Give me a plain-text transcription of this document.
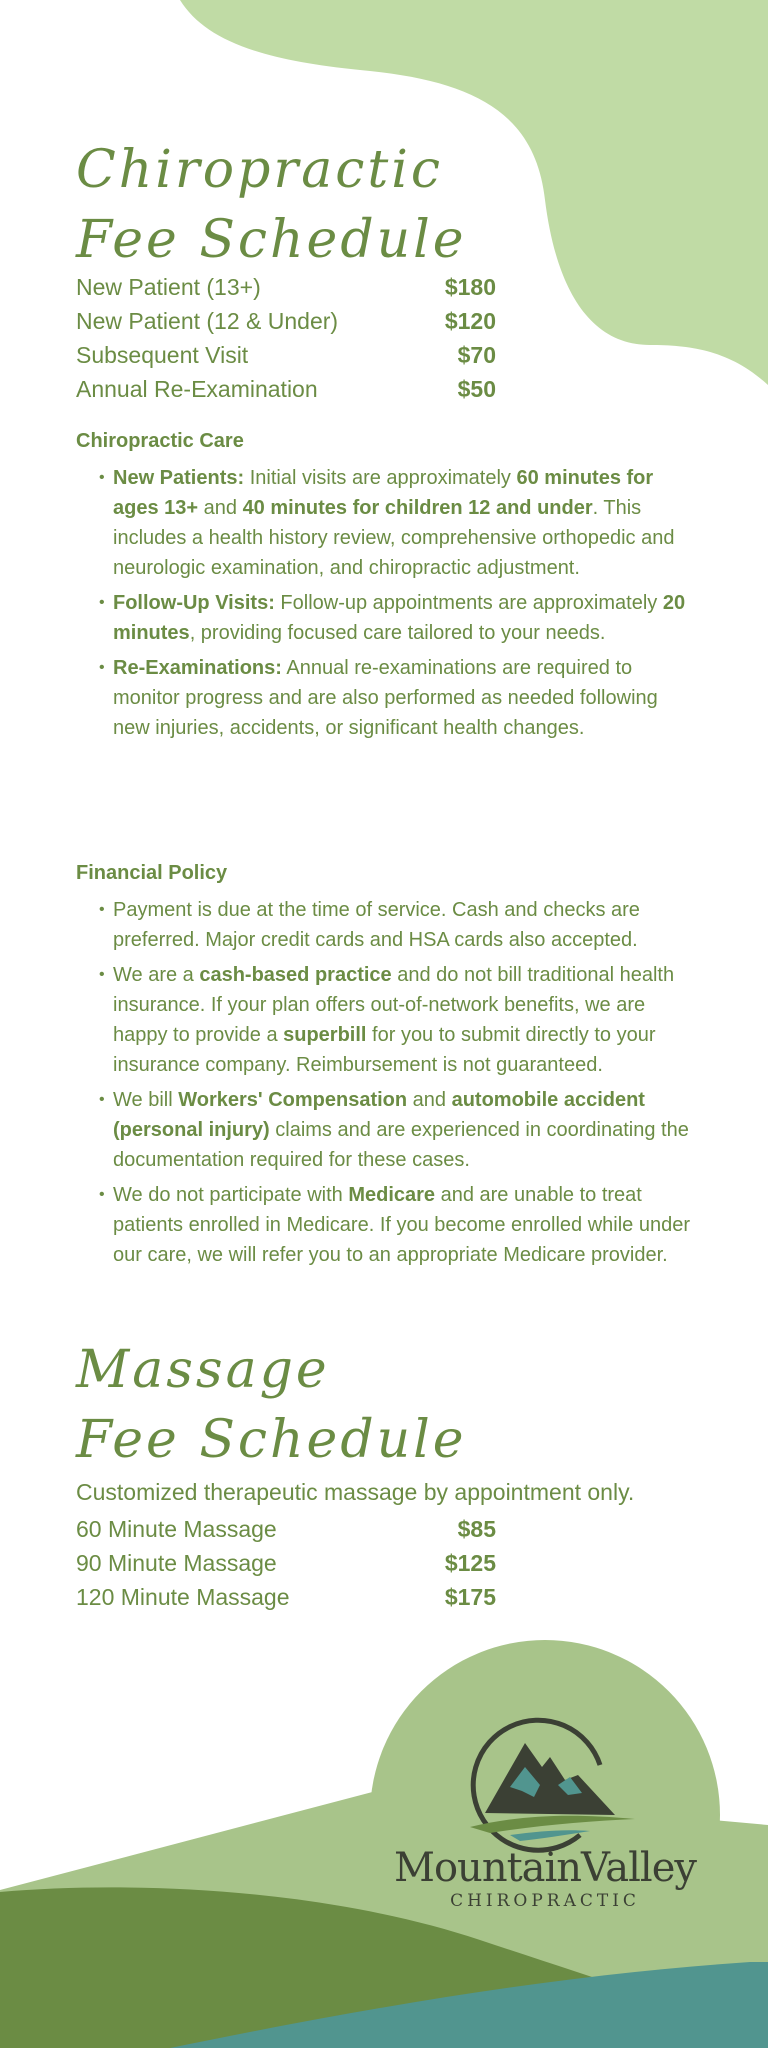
Chiropractic
Fee Schedule
New Patient (13+)	$180
New Patient (12 & Under)	$120
Subsequent Visit	$70
Annual Re-Examination	$50
Chiropractic Care
• New Patients: Initial visits are approximately 60 minutes for ages 13+ and 40 minutes for children 12 and under. This includes a health history review, comprehensive orthopedic and neurologic examination, and chiropractic adjustment.
• Follow-Up Visits: Follow-up appointments are approximately 20 minutes, providing focused care tailored to your needs.
• Re-Examinations: Annual re-examinations are required to monitor progress and are also performed as needed following new injuries, accidents, or significant health changes.
Financial Policy
• Payment is due at the time of service. Cash and checks are preferred. Major credit cards and HSA cards also accepted.
• We are a cash-based practice and do not bill traditional health insurance. If your plan offers out-of-network benefits, we are happy to provide a superbill for you to submit directly to your insurance company. Reimbursement is not guaranteed.
• We bill Workers' Compensation and automobile accident (personal injury) claims and are experienced in coordinating the documentation required for these cases.
• We do not participate with Medicare and are unable to treat patients enrolled in Medicare. If you become enrolled while under our care, we will refer you to an appropriate Medicare provider.
Massage
Fee Schedule
Customized therapeutic massage by appointment only.
60 Minute Massage	$85
90 Minute Massage	$125
120 Minute Massage	$175
MountainValley
CHIROPRACTIC
